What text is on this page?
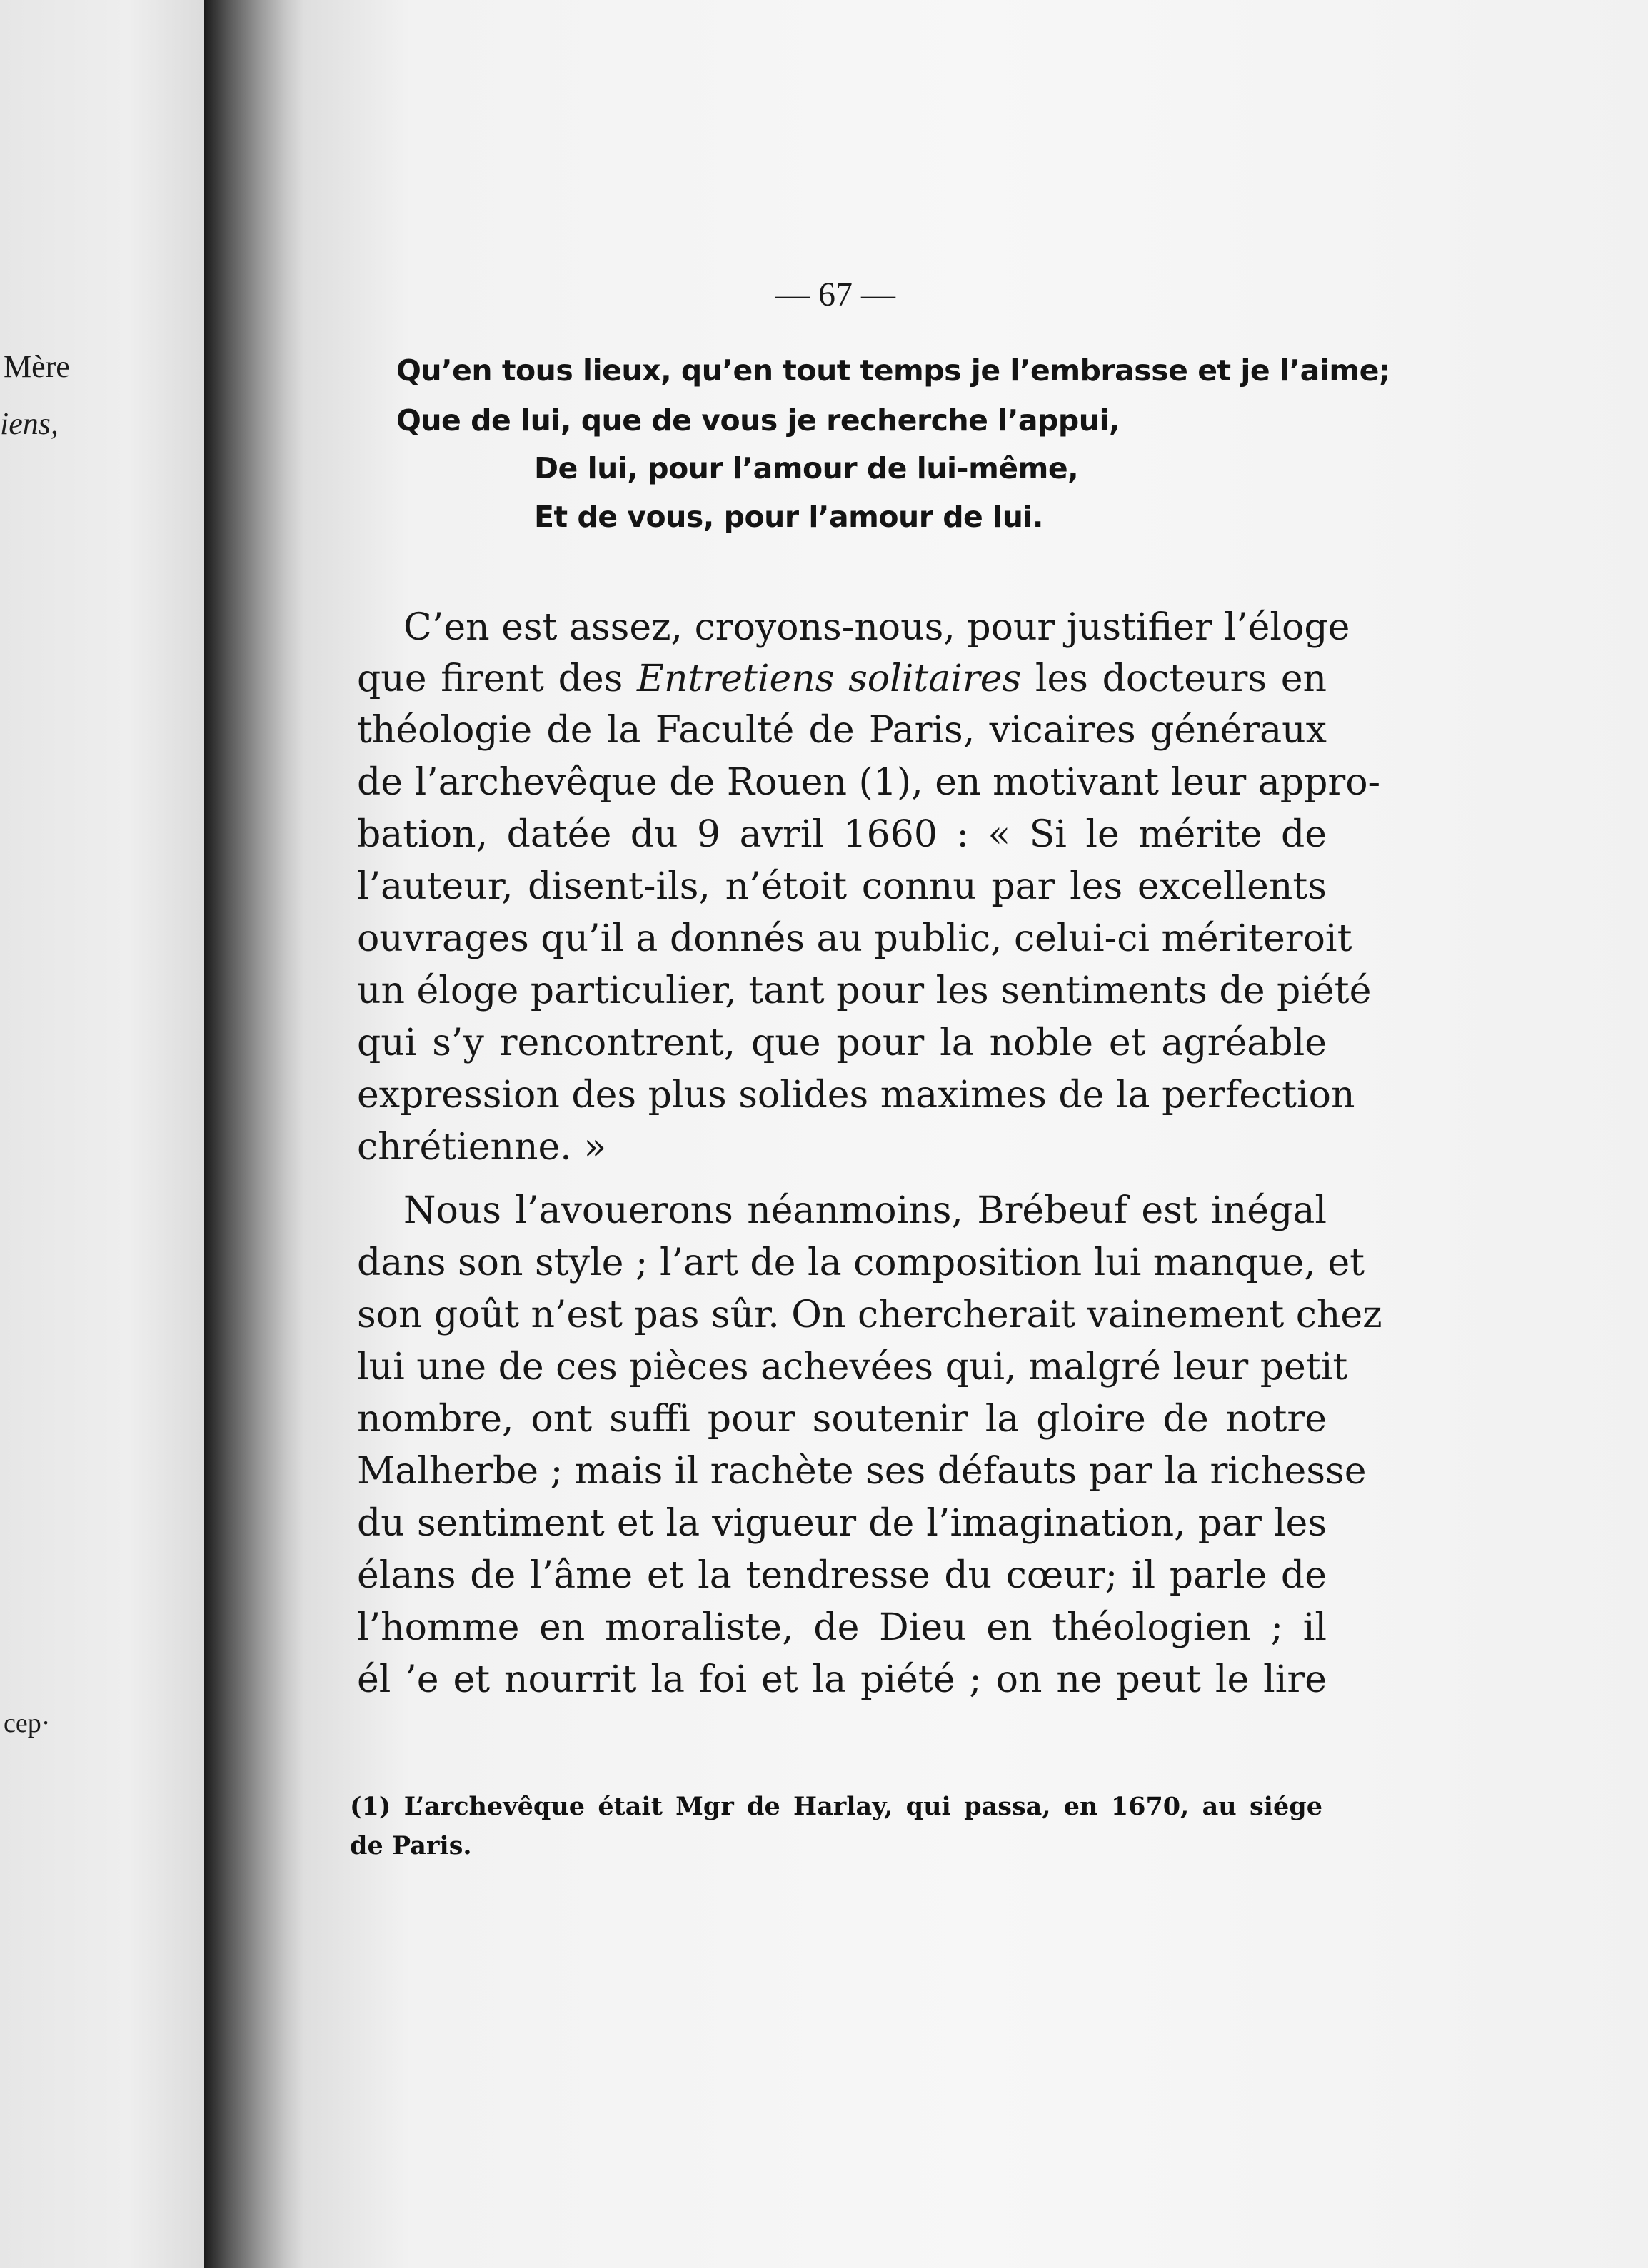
Mère
iens,
cep·
— 67 —
Qu’en tous lieux, qu’en tout temps je l’embrasse et je l’aime;
Que de lui, que de vous je recherche l’appui,
De lui, pour l’amour de lui-même,
Et de vous, pour l’amour de lui.
C’en est assez, croyons-nous, pour justifier l’éloge
que firent des Entretiens solitaires les docteurs en
théologie de la Faculté de Paris, vicaires généraux
de l’archevêque de Rouen (1), en motivant leur appro-
bation, datée du 9 avril 1660 : « Si le mérite de
l’auteur, disent-ils, n’étoit connu par les excellents
ouvrages qu’il a donnés au public, celui-ci mériteroit
un éloge particulier, tant pour les sentiments de piété
qui s’y rencontrent, que pour la noble et agréable
expression des plus solides maximes de la perfection
chrétienne. »
Nous l’avouerons néanmoins, Brébeuf est inégal
dans son style ; l’art de la composition lui manque, et
son goût n’est pas sûr. On chercherait vainement chez
lui une de ces pièces achevées qui, malgré leur petit
nombre, ont suffi pour soutenir la gloire de notre
Malherbe ; mais il rachète ses défauts par la richesse
du sentiment et la vigueur de l’imagination, par les
élans de l’âme et la tendresse du cœur; il parle de
l’homme en moraliste, de Dieu en théologien ; il
él ’e et nourrit la foi et la piété ; on ne peut le lire
(1) L’archevêque était Mgr de Harlay, qui passa, en 1670, au siége
de Paris.
